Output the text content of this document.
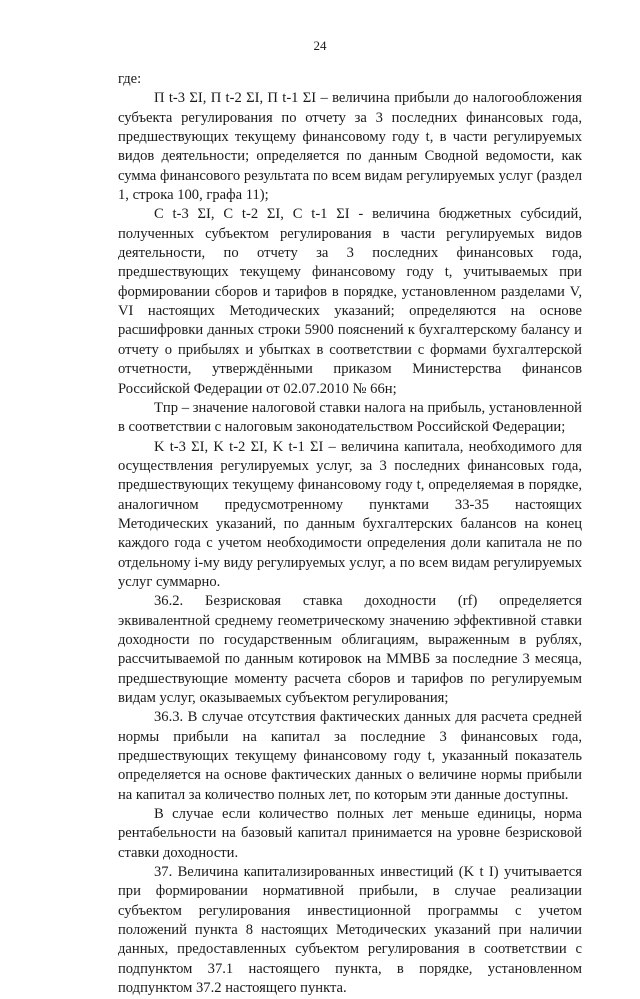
24

где:

П t-3 ΣI, П t-2 ΣI, П t-1 ΣI – величина прибыли до налогообложения субъекта регулирования по отчету за 3 последних финансовых года, предшествующих текущему финансовому году t, в части регулируемых видов деятельности; определяется по данным Сводной ведомости, как сумма финансового результата по всем видам регулируемых услуг (раздел 1, строка 100, графа 11);

С t-3 ΣI, С t-2 ΣI, С t-1 ΣI - величина бюджетных субсидий, полученных субъектом регулирования в части регулируемых видов деятельности, по отчету за 3 последних финансовых года, предшествующих текущему финансовому году t, учитываемых при формировании сборов и тарифов в порядке, установленном разделами V, VI настоящих Методических указаний; определяются на основе расшифровки данных строки 5900 пояснений к бухгалтерскому балансу и отчету о прибылях и убытках в соответствии с формами бухгалтерской отчетности, утверждёнными приказом Министерства финансов Российской Федерации от 02.07.2010 № 66н;

Tпр – значение налоговой ставки налога на прибыль, установленной в соответствии с налоговым законодательством Российской Федерации;

K t-3 ΣI, K t-2 ΣI, K t-1 ΣI – величина капитала, необходимого для осуществления регулируемых услуг, за 3 последних финансовых года, предшествующих текущему финансовому году t, определяемая в порядке, аналогичном предусмотренному пунктами 33-35 настоящих Методических указаний, по данным бухгалтерских балансов на конец каждого года с учетом необходимости определения доли капитала не по отдельному i-му виду регулируемых услуг, а по всем видам регулируемых услуг суммарно.

36.2. Безрисковая ставка доходности (rf) определяется эквивалентной среднему геометрическому значению эффективной ставки доходности по государственным облигациям, выраженным в рублях, рассчитываемой по данным котировок на ММВБ за последние 3 месяца, предшествующие моменту расчета сборов и тарифов по регулируемым видам услуг, оказываемых субъектом регулирования;

36.3. В случае отсутствия фактических данных для расчета средней нормы прибыли на капитал за последние 3 финансовых года, предшествующих текущему финансовому году t, указанный показатель определяется на основе фактических данных о величине нормы прибыли на капитал за количество полных лет, по которым эти данные доступны.

В случае если количество полных лет меньше единицы, норма рентабельности на базовый капитал принимается на уровне безрисковой ставки доходности.

37. Величина капитализированных инвестиций (K t I) учитывается при формировании нормативной прибыли, в случае реализации субъектом регулирования инвестиционной программы с учетом положений пункта 8 настоящих Методических указаний при наличии данных, предоставленных субъектом регулирования в соответствии с подпунктом 37.1 настоящего пункта, в порядке, установленном подпунктом 37.2 настоящего пункта.
